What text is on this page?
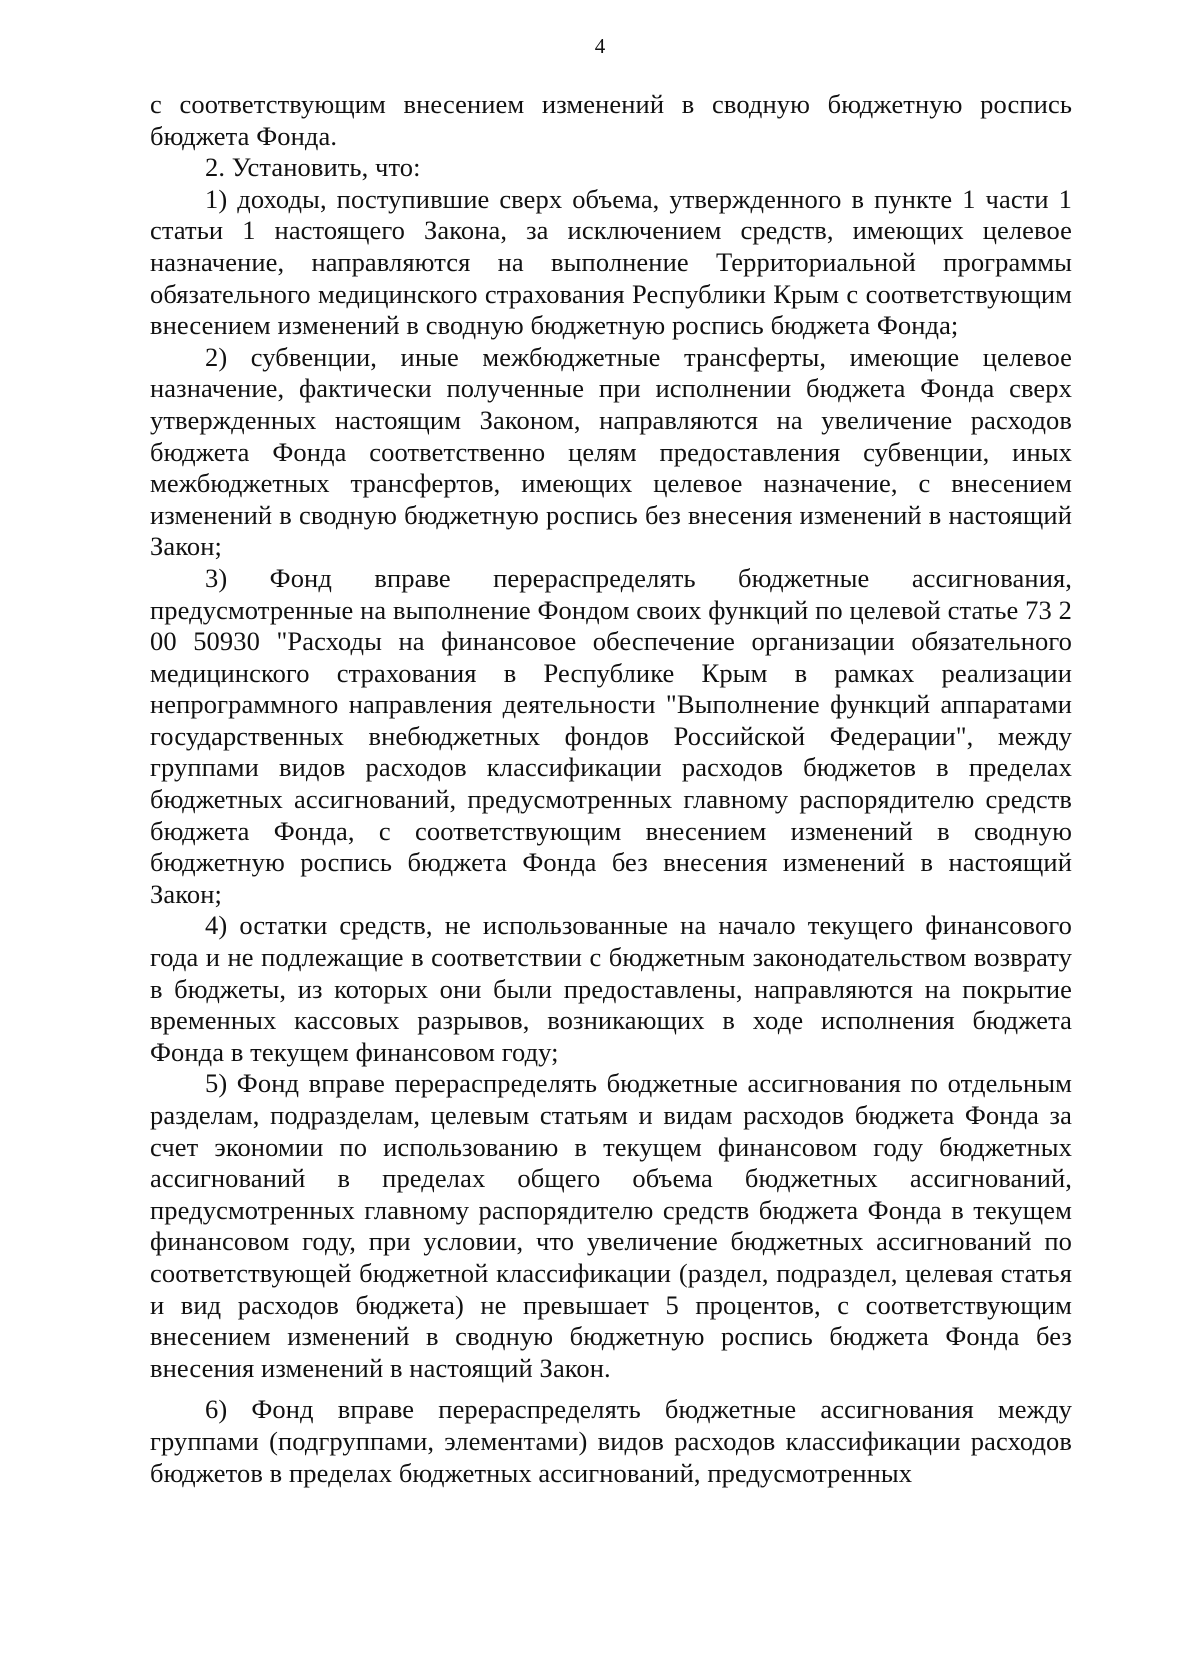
4

с соответствующим внесением изменений в сводную бюджетную роспись бюджета Фонда.

2. Установить, что:

1) доходы, поступившие сверх объема, утвержденного в пункте 1 части 1 статьи 1 настоящего Закона, за исключением средств, имеющих целевое назначение, направляются на выполнение Территориальной программы обязательного медицинского страхования Республики Крым с соответствующим внесением изменений в сводную бюджетную роспись бюджета Фонда;

2) субвенции, иные межбюджетные трансферты, имеющие целевое назначение, фактически полученные при исполнении бюджета Фонда сверх утвержденных настоящим Законом, направляются на увеличение расходов бюджета Фонда соответственно целям предоставления субвенции, иных межбюджетных трансфертов, имеющих целевое назначение, с внесением изменений в сводную бюджетную роспись без внесения изменений в настоящий Закон;

3) Фонд вправе перераспределять бюджетные ассигнования, предусмотренные на выполнение Фондом своих функций по целевой статье 73 2 00 50930 "Расходы на финансовое обеспечение организации обязательного медицинского страхования в Республике Крым в рамках реализации непрограммного направления деятельности "Выполнение функций аппаратами государственных внебюджетных фондов Российской Федерации", между группами видов расходов классификации расходов бюджетов в пределах бюджетных ассигнований, предусмотренных главному распорядителю средств бюджета Фонда, с соответствующим внесением изменений в сводную бюджетную роспись бюджета Фонда без внесения изменений в настоящий Закон;

4) остатки средств, не использованные на начало текущего финансового года и не подлежащие в соответствии с бюджетным законодательством возврату в бюджеты, из которых они были предоставлены, направляются на покрытие временных кассовых разрывов, возникающих в ходе исполнения бюджета Фонда в текущем финансовом году;

5) Фонд вправе перераспределять бюджетные ассигнования по отдельным разделам, подразделам, целевым статьям и видам расходов бюджета Фонда за счет экономии по использованию в текущем финансовом году бюджетных ассигнований в пределах общего объема бюджетных ассигнований, предусмотренных главному распорядителю средств бюджета Фонда в текущем финансовом году, при условии, что увеличение бюджетных ассигнований по соответствующей бюджетной классификации (раздел, подраздел, целевая статья и вид расходов бюджета) не превышает 5 процентов, с соответствующим внесением изменений в сводную бюджетную роспись бюджета Фонда без внесения изменений в настоящий Закон.

6) Фонд вправе перераспределять бюджетные ассигнования между группами (подгруппами, элементами) видов расходов классификации расходов бюджетов в пределах бюджетных ассигнований, предусмотренных
